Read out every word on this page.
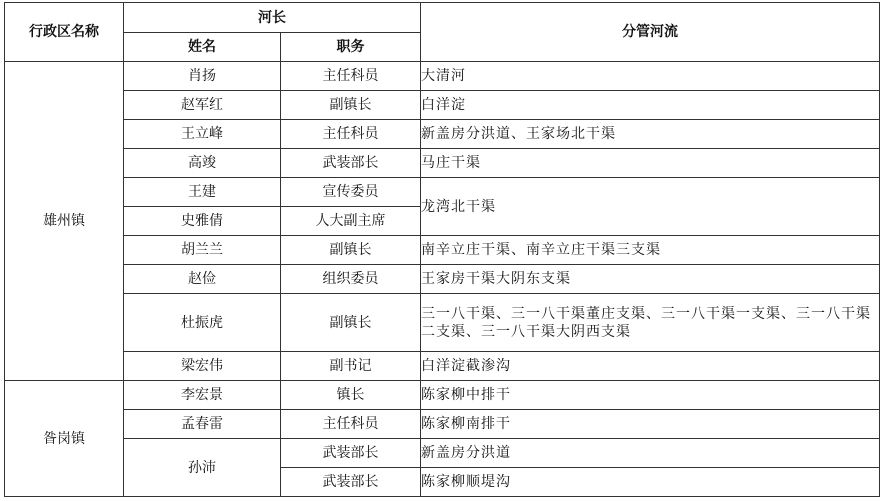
行政区名称	河长		分管河流
	姓名	职务	
雄州镇	肖扬	主任科员	大清河
	赵军红	副镇长	白洋淀
	王立峰	主任科员	新盖房分洪道、王家场北干渠
	高竣	武装部长	马庄干渠
	王建	宣传委员	龙湾北干渠
	史雅倩	人大副主席	
	胡兰兰	副镇长	南辛立庄干渠、南辛立庄干渠三支渠
	赵俭	组织委员	王家房干渠大阴东支渠
	杜振虎	副镇长	三一八干渠、三一八干渠董庄支渠、三一八干渠一支渠、三一八干渠二支渠、三一八干渠大阴西支渠
	梁宏伟	副书记	白洋淀截渗沟
昝岗镇	李宏景	镇长	陈家柳中排干
	孟春雷	主任科员	陈家柳南排干
	孙沛	武装部长	新盖房分洪道
		武装部长	陈家柳顺堤沟
